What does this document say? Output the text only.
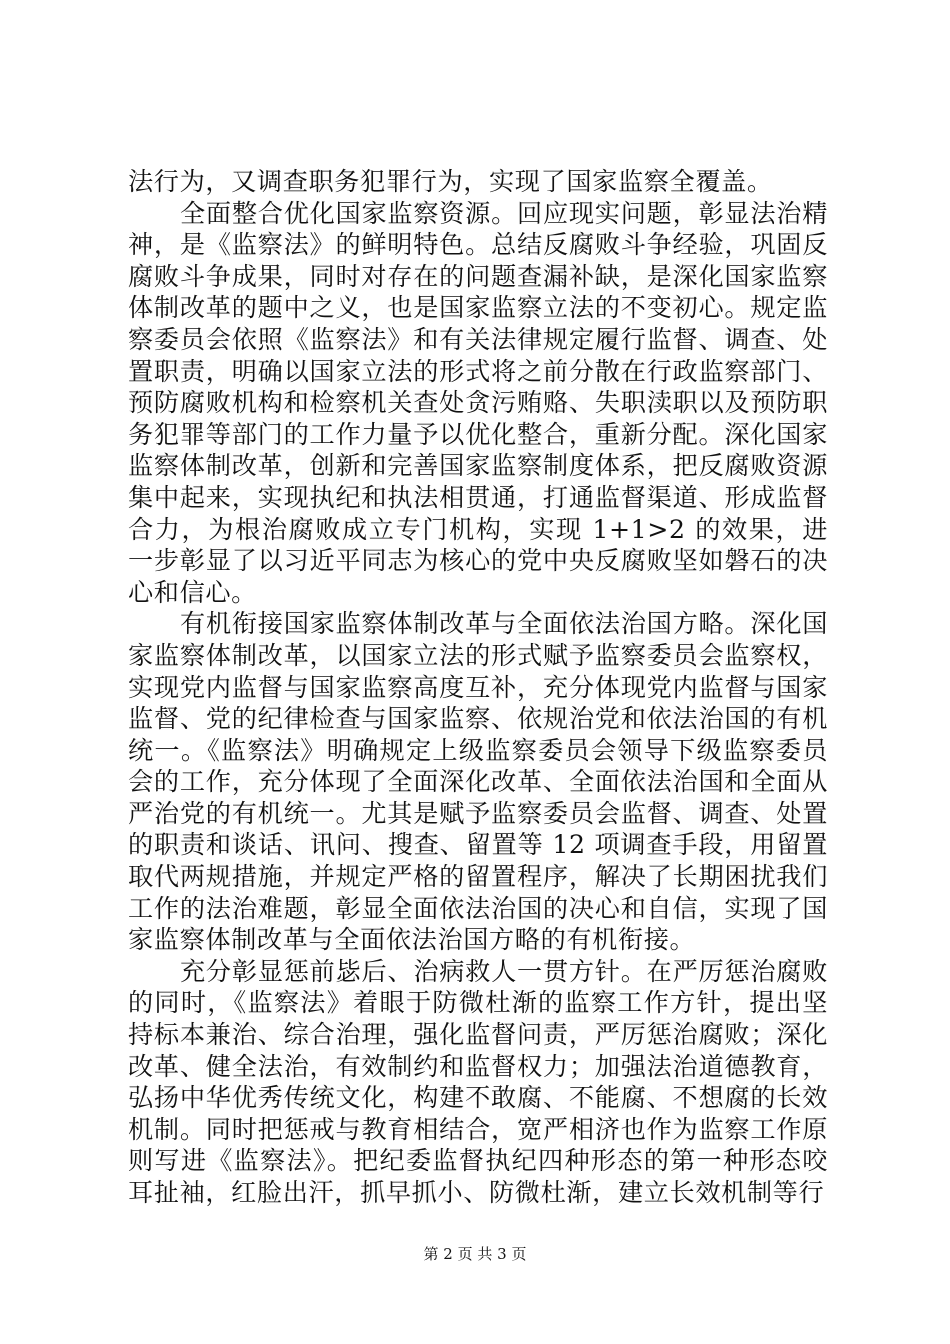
法行为，又调查职务犯罪行为，实现了国家监察全覆盖。

全面整合优化国家监察资源。回应现实问题，彰显法治精神，是《监察法》的鲜明特色。总结反腐败斗争经验，巩固反腐败斗争成果，同时对存在的问题查漏补缺，是深化国家监察体制改革的题中之义，也是国家监察立法的不变初心。规定监察委员会依照《监察法》和有关法律规定履行监督、调查、处置职责，明确以国家立法的形式将之前分散在行政监察部门、预防腐败机构和检察机关查处贪污贿赂、失职渎职以及预防职务犯罪等部门的工作力量予以优化整合，重新分配。深化国家监察体制改革，创新和完善国家监察制度体系，把反腐败资源集中起来，实现执纪和执法相贯通，打通监督渠道、形成监督合力，为根治腐败成立专门机构，实现 1+1>2 的效果，进一步彰显了以习近平同志为核心的党中央反腐败坚如磐石的决心和信心。

有机衔接国家监察体制改革与全面依法治国方略。深化国家监察体制改革，以国家立法的形式赋予监察委员会监察权，实现党内监督与国家监察高度互补，充分体现党内监督与国家监督、党的纪律检查与国家监察、依规治党和依法治国的有机统一。《监察法》明确规定上级监察委员会领导下级监察委员会的工作，充分体现了全面深化改革、全面依法治国和全面从严治党的有机统一。尤其是赋予监察委员会监督、调查、处置的职责和谈话、讯问、搜查、留置等 12 项调查手段，用留置取代两规措施，并规定严格的留置程序，解决了长期困扰我们工作的法治难题，彰显全面依法治国的决心和自信，实现了国家监察体制改革与全面依法治国方略的有机衔接。

充分彰显惩前毖后、治病救人一贯方针。在严厉惩治腐败的同时，《监察法》着眼于防微杜渐的监察工作方针，提出坚持标本兼治、综合治理，强化监督问责，严厉惩治腐败；深化改革、健全法治，有效制约和监督权力；加强法治道德教育，弘扬中华优秀传统文化，构建不敢腐、不能腐、不想腐的长效机制。同时把惩戒与教育相结合，宽严相济也作为监察工作原则写进《监察法》。把纪委监督执纪四种形态的第一种形态咬耳扯袖，红脸出汗，抓早抓小、防微杜渐，建立长效机制等行

第 2 页 共 3 页
